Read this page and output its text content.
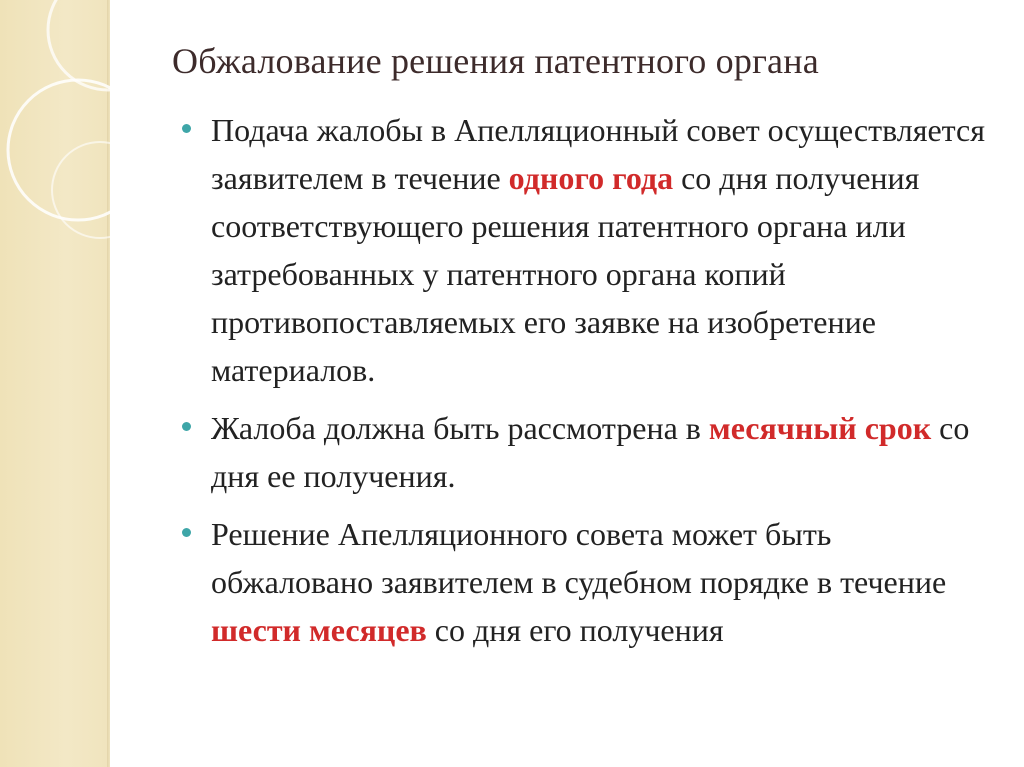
Обжалование решения патентного органа
Подача жалобы в Апелляционный совет осуществляется заявителем в течение одного года со дня получения соответствующего решения патентного органа или затребованных у патентного органа копий противопоставляемых его заявке на изобретение материалов.
Жалоба должна быть рассмотрена в месячный срок со дня ее получения.
Решение Апелляционного совета может быть обжаловано заявителем в судебном порядке в течение шести месяцев со дня его получения
